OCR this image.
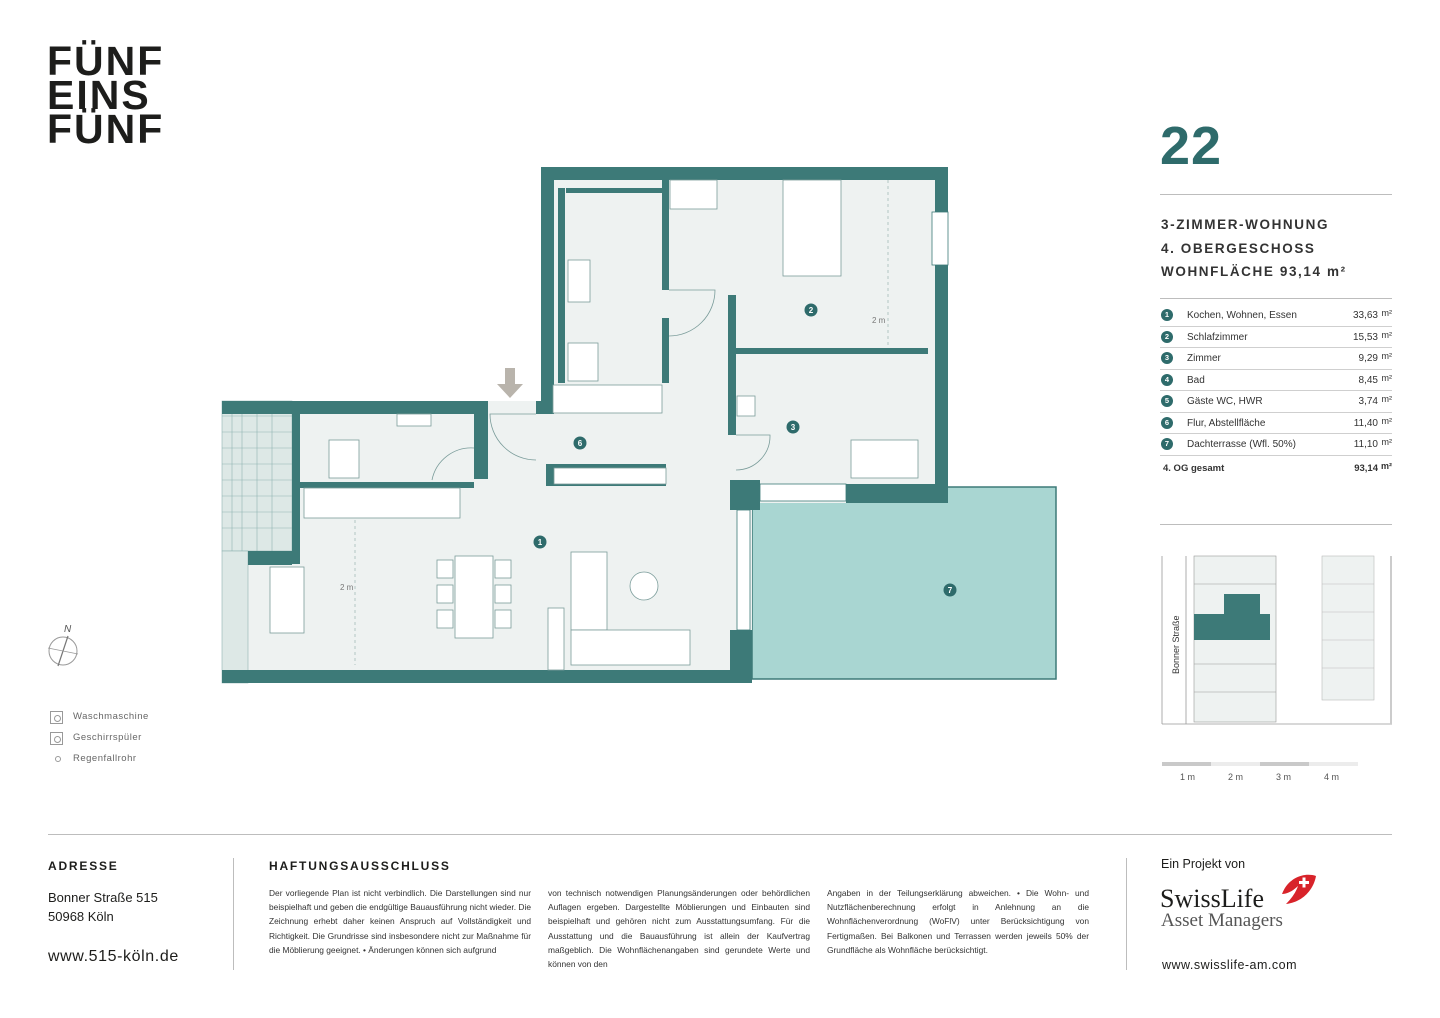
FÜNF
EINS
FÜNF	22
3-ZIMMER-WOHNUNG
4. OBERGESCHOSS
WOHNFLÄCHE 93,14 m²
1	Kochen, Wohnen, Essen	33,63 m²
2	Schlafzimmer	15,53 m²
3	Zimmer	9,29 m²
4	Bad	8,45 m²
5	Gäste WC, HWR	3,74 m²
6	Flur, Abstellfläche	11,40 m²
7	Dachterrasse (Wfl. 50%)	11,10 m²
4. OG gesamt	93,14 m²
2 m
2 m
1
2
3
6
7
N	Bonner Straße
Waschmaschine
Geschirrspüler
Regenfallrohr
1 m	2 m	3 m	4 m
ADRESSE
Bonner Straße 515
50968 Köln
www.515-köln.de
HAFTUNGSAUSSCHLUSS
Der vorliegende Plan ist nicht verbindlich. Die Darstellungen sind nur beispielhaft und geben die endgültige Bauausführung nicht wieder. Die Zeichnung erhebt daher keinen Anspruch auf Vollständigkeit und Richtigkeit. Die Grundrisse sind insbesondere nicht zur Maßnahme für die Möblierung geeignet. • Änderungen können sich aufgrund
von technisch notwendigen Planungsänderungen oder behördlichen Auflagen ergeben. Dargestellte Möblierungen und Einbauten sind beispielhaft und gehören nicht zum Ausstattungsumfang. Für die Ausstattung und die Bauausführung ist allein der Kaufvertrag maßgeblich. Die Wohnflächenangaben sind gerundete Werte und können von den
Angaben in der Teilungserklärung abweichen. • Die Wohn- und Nutzflächenberechnung erfolgt in Anlehnung an die Wohnflächenverordnung (WoFlV) unter Berücksichtigung von Fertigmaßen. Bei Balkonen und Terrassen werden jeweils 50% der Grundfläche als Wohnfläche berücksichtigt.
Ein Projekt von
SwissLife
Asset Managers
www.swisslife-am.com
